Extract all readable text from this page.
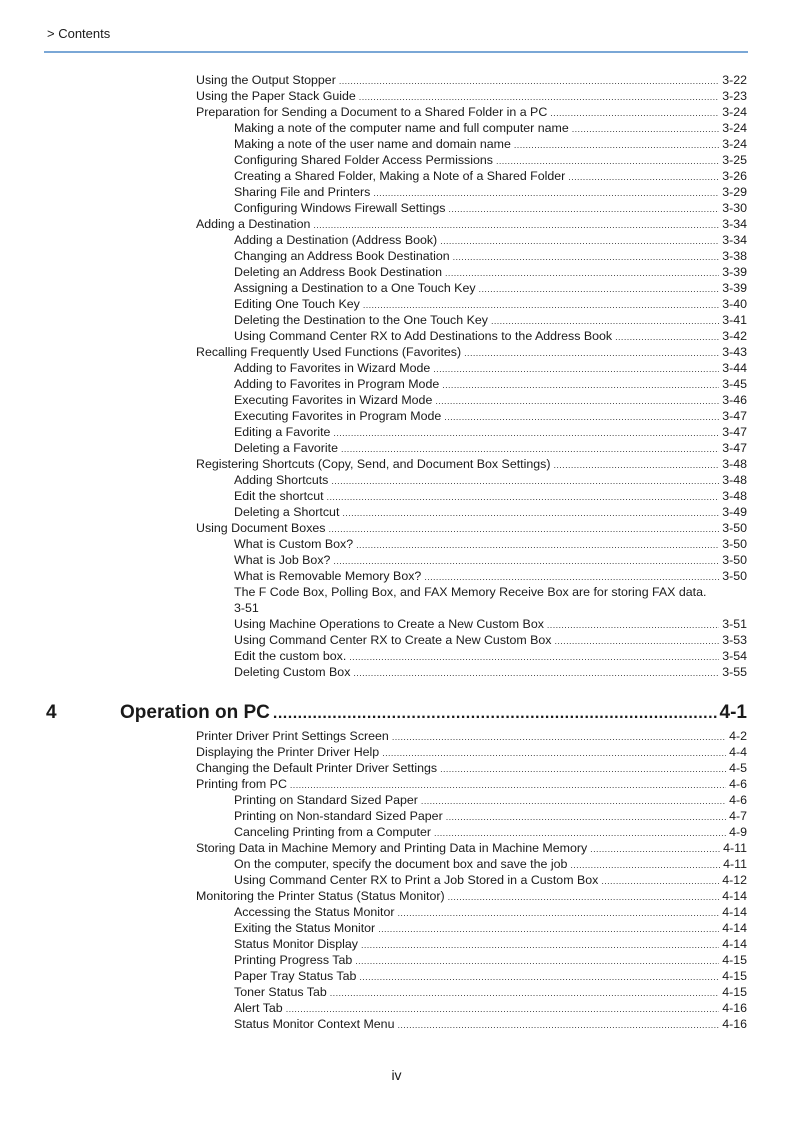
> Contents
Using the Output Stopper .....	3-22
Using the Paper Stack Guide .....	3-23
Preparation for Sending a Document to a Shared Folder in a PC .....	3-24
Making a note of the computer name and full computer name .....	3-24
Making a note of the user name and domain name .....	3-24
Configuring Shared Folder Access Permissions .....	3-25
Creating a Shared Folder, Making a Note of a Shared Folder .....	3-26
Sharing File and Printers .....	3-29
Configuring Windows Firewall Settings .....	3-30
Adding a Destination .....	3-34
Adding a Destination (Address Book) .....	3-34
Changing an Address Book Destination .....	3-38
Deleting an Address Book Destination .....	3-39
Assigning a Destination to a One Touch Key .....	3-39
Editing One Touch Key .....	3-40
Deleting the Destination to the One Touch Key .....	3-41
Using Command Center RX to Add Destinations to the Address Book .....	3-42
Recalling Frequently Used Functions (Favorites) .....	3-43
Adding to Favorites in Wizard Mode .....	3-44
Adding to Favorites in Program Mode .....	3-45
Executing Favorites in Wizard Mode .....	3-46
Executing Favorites in Program Mode .....	3-47
Editing a Favorite .....	3-47
Deleting a Favorite .....	3-47
Registering Shortcuts (Copy, Send, and Document Box Settings) .....	3-48
Adding Shortcuts .....	3-48
Edit the shortcut .....	3-48
Deleting a Shortcut .....	3-49
Using Document Boxes .....	3-50
What is Custom Box? .....	3-50
What is Job Box? .....	3-50
What is Removable Memory Box? .....	3-50
The F Code Box, Polling Box, and FAX Memory Receive Box are for storing FAX data.
3-51
Using Machine Operations to Create a New Custom Box .....	3-51
Using Command Center RX to Create a New Custom Box .....	3-53
Edit the custom box. .....	3-54
Deleting Custom Box .....	3-55
4	Operation on PC .....	4-1
Printer Driver Print Settings Screen .....	4-2
Displaying the Printer Driver Help .....	4-4
Changing the Default Printer Driver Settings .....	4-5
Printing from PC .....	4-6
Printing on Standard Sized Paper .....	4-6
Printing on Non-standard Sized Paper .....	4-7
Canceling Printing from a Computer .....	4-9
Storing Data in Machine Memory and Printing Data in Machine Memory .....	4-11
On the computer, specify the document box and save the job .....	4-11
Using Command Center RX to Print a Job Stored in a Custom Box .....	4-12
Monitoring the Printer Status (Status Monitor) .....	4-14
Accessing the Status Monitor .....	4-14
Exiting the Status Monitor .....	4-14
Status Monitor Display .....	4-14
Printing Progress Tab .....	4-15
Paper Tray Status Tab .....	4-15
Toner Status Tab .....	4-15
Alert Tab .....	4-16
Status Monitor Context Menu .....	4-16
iv
